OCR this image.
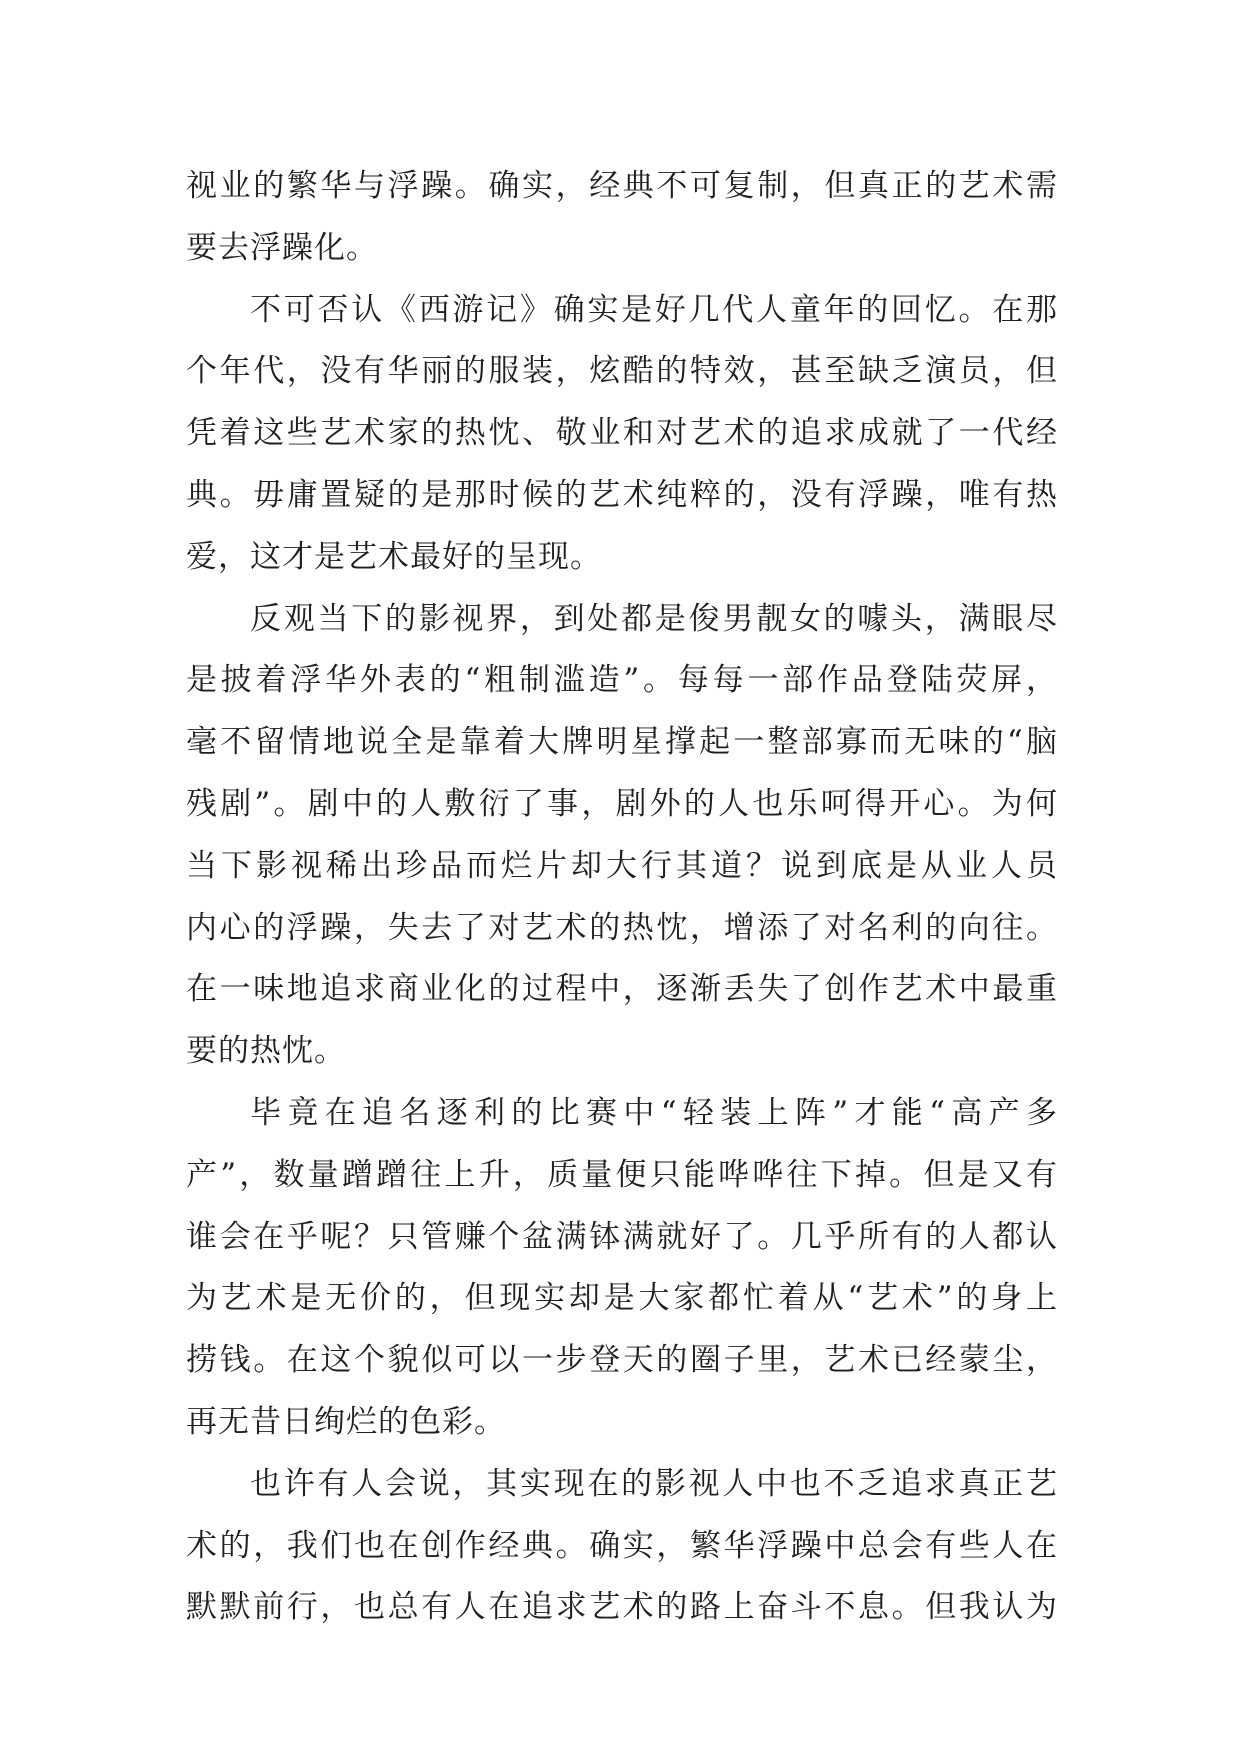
视业的繁华与浮躁。确实，经典不可复制，但真正的艺术需
要去浮躁化。
不可否认《西游记》确实是好几代人童年的回忆。在那
个年代，没有华丽的服装，炫酷的特效，甚至缺乏演员，但
凭着这些艺术家的热忱、敬业和对艺术的追求成就了一代经
典。毋庸置疑的是那时候的艺术纯粹的，没有浮躁，唯有热
爱，这才是艺术最好的呈现。
反观当下的影视界，到处都是俊男靓女的噱头，满眼尽
是披着浮华外表的“粗制滥造”。每每一部作品登陆荧屏，
毫不留情地说全是靠着大牌明星撑起一整部寡而无味的“脑
残剧”。剧中的人敷衍了事，剧外的人也乐呵得开心。为何
当下影视稀出珍品而烂片却大行其道？说到底是从业人员
内心的浮躁，失去了对艺术的热忱，增添了对名利的向往。
在一味地追求商业化的过程中，逐渐丢失了创作艺术中最重
要的热忱。
毕竟在追名逐利的比赛中“轻装上阵”才能“高产多
产”，数量蹭蹭往上升，质量便只能哗哗往下掉。但是又有
谁会在乎呢？只管赚个盆满钵满就好了。几乎所有的人都认
为艺术是无价的，但现实却是大家都忙着从“艺术”的身上
捞钱。在这个貌似可以一步登天的圈子里，艺术已经蒙尘，
再无昔日绚烂的色彩。
也许有人会说，其实现在的影视人中也不乏追求真正艺
术的，我们也在创作经典。确实，繁华浮躁中总会有些人在
默默前行，也总有人在追求艺术的路上奋斗不息。但我认为
